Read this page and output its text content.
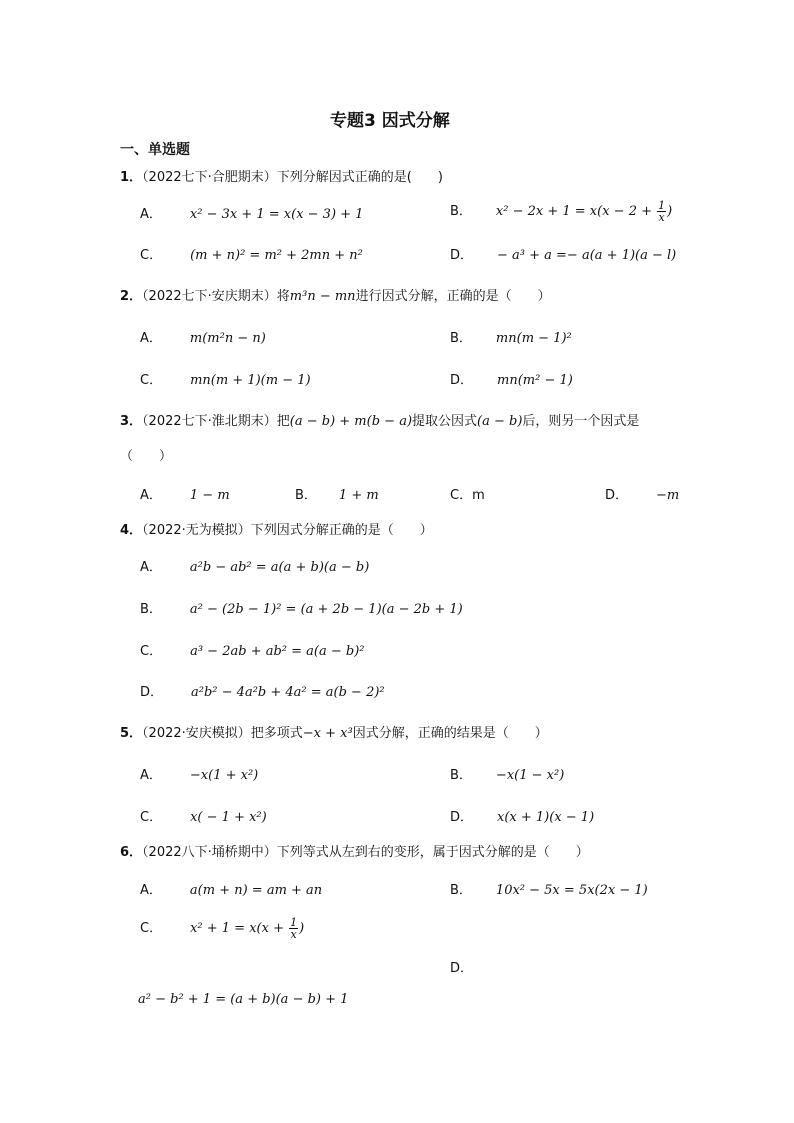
专题3 因式分解
一、单选题
1．（2022七下·合肥期末）下列分解因式正确的是(　　)
A． x² − 3x + 1 = x(x − 3) + 1	B． $x^2 - 2x + 1 = x(x - 2 + \frac{1}{x}$ )
C． (m + n)² = m² + 2mn + n²	D． − a³ + a =− a(a + 1)(a − l)
2．（2022七下·安庆期末）将m³n − mn进行因式分解，正确的是（　　）
A． m(m²n − n)	B． mn(m − 1)²
C． mn(m + 1)(m − 1)	D． mn(m² − 1)
3．（2022七下·淮北期末）把(a − b) + m(b − a)提取公因式(a − b)后，则另一个因式是
（　　）
A． 1 − m	B． 1 + m	C．m	D． −m
4．（2022·无为模拟）下列因式分解正确的是（　　）
A． a²b − ab² = a(a + b)(a − b)
B． a² − (2b − 1)² = (a + 2b − 1)(a − 2b + 1)
C． a³ − 2ab + ab² = a(a − b)²
D． a²b² − 4a²b + 4a² = a(b − 2)²
5．（2022·安庆模拟）把多项式−x + x³因式分解，正确的结果是（　　）
A． −x(1 + x²)	B． −x(1 − x²)
C． x( − 1 + x²)	D． x(x + 1)(x − 1)
6．（2022八下·埇桥期中）下列等式从左到右的变形，属于因式分解的是（　　）
A． a(m + n) = am + an	B． 10x² − 5x = 5x(2x − 1)
C． $x^2 + 1 = x(x + \frac{1}{x}$ )
D．
a² − b² + 1 = (a + b)(a − b) + 1
